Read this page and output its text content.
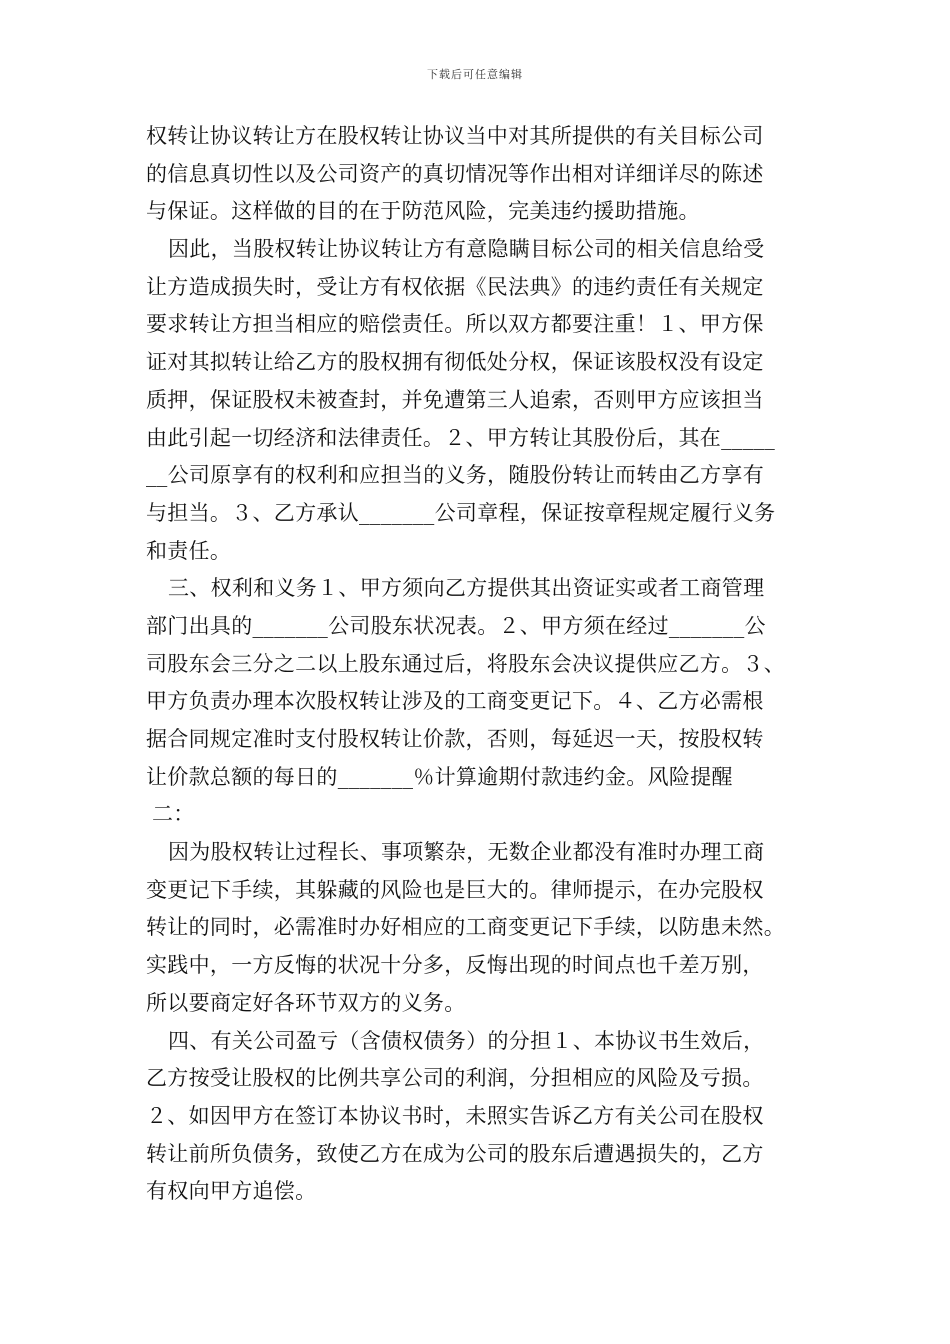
下载后可任意编辑
权转让协议转让方在股权转让协议当中对其所提供的有关目标公司
的信息真切性以及公司资产的真切情况等作出相对详细详尽的陈述
与保证。这样做的目的在于防范风险，完美违约援助措施。
因此，当股权转让协议转让方有意隐瞒目标公司的相关信息给受
让方造成损失时，受让方有权依据《民法典》的违约责任有关规定
要求转让方担当相应的赔偿责任。所以双方都要注重！１、甲方保
证对其拟转让给乙方的股权拥有彻低处分权，保证该股权没有设定
质押，保证股权未被查封，并免遭第三人追索，否则甲方应该担当
由此引起一切经济和法律责任。２、甲方转让其股份后，其在_____
__公司原享有的权利和应担当的义务，随股份转让而转由乙方享有
与担当。３、乙方承认_______公司章程，保证按章程规定履行义务
和责任。
三、权利和义务１、甲方须向乙方提供其出资证实或者工商管理
部门出具的_______公司股东状况表。２、甲方须在经过_______公
司股东会三分之二以上股东通过后，将股东会决议提供应乙方。３、
甲方负责办理本次股权转让涉及的工商变更记下。４、乙方必需根
据合同规定准时支付股权转让价款，否则，每延迟一天，按股权转
让价款总额的每日的_______％计算逾期付款违约金。风险提醒
二：
因为股权转让过程长、事项繁杂，无数企业都没有准时办理工商
变更记下手续，其躲藏的风险也是巨大的。律师提示，在办完股权
转让的同时，必需准时办好相应的工商变更记下手续，以防患未然。
实践中，一方反悔的状况十分多，反悔出现的时间点也千差万别，
所以要商定好各环节双方的义务。
四、有关公司盈亏（含债权债务）的分担１、本协议书生效后，
乙方按受让股权的比例共享公司的利润，分担相应的风险及亏损。
２、如因甲方在签订本协议书时，未照实告诉乙方有关公司在股权
转让前所负债务，致使乙方在成为公司的股东后遭遇损失的，乙方
有权向甲方追偿。
